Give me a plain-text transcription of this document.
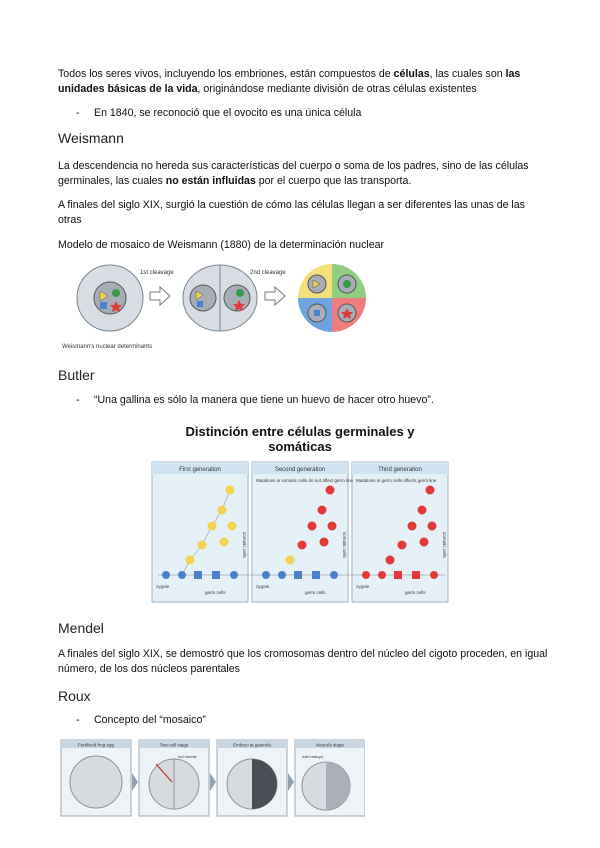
Todos los seres vivos, incluyendo los embriones, están compuestos de células, las cuales son las unidades básicas de la vida, originándose mediante división de otras células existentes
- En 1840, se reconoció que el ovocito es una única célula
Weismann
La descendencia no hereda sus características del cuerpo o soma de los padres, sino de las células germinales, las cuales no están influidas por el cuerpo que las transporta.
A finales del siglo XIX, surgió la cuestión de cómo las células llegan a ser diferentes las unas de las otras
Modelo de mosaico de Weismann (1880) de la determinación nuclear
1st cleavage	2nd cleavage
Weismann's nuclear determinants
Butler
- “Una gallina es sólo la manera que tiene un huevo de hacer otro huevo”.
Distinción entre células germinales y
somáticas
First generation	Second generation	Third generation
Mutations in somatic cells do not affect germ line Mutations in germ cells affects germ line
somatic cells	somatic cells	somatic cells
zygote	zygote	zygote
germ cells	germ cells	germ cells
Mendel
A finales del siglo XIX, se demostró que los cromosomas dentro del núcleo del cigoto proceden, en igual número, de los dos núcleos parentales
Roux
- Concepto del “mosaico”
Fertilized frog egg	Two-cell stage
hot needle
Embryo at gastrula	Neurula stage
half embryo
